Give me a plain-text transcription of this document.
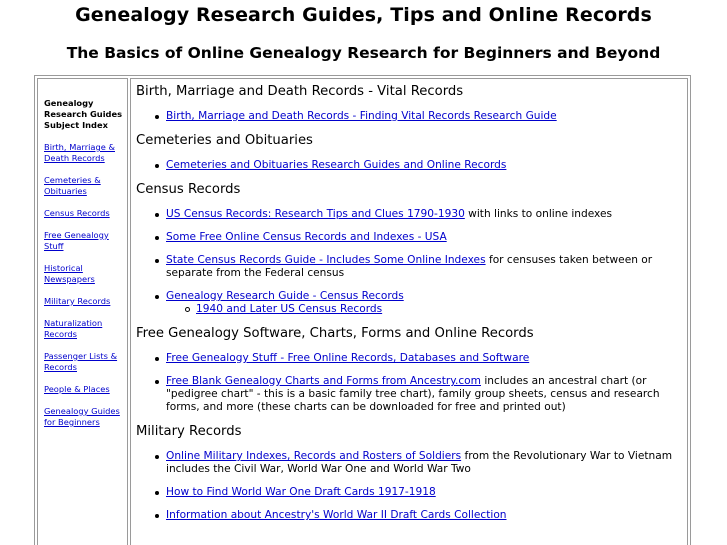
Genealogy Research Guides, Tips and Online Records
The Basics of Online Genealogy Research for Beginners and Beyond
Genealogy Research Guides Subject Index
Birth, Marriage & Death Records
Cemeteries & Obituaries
Census Records
Free Genealogy Stuff
Historical Newspapers
Military Records
Naturalization Records
Passenger Lists & Records
People & Places
Genealogy Guides for Beginners
Birth, Marriage and Death Records - Vital Records
Birth, Marriage and Death Records - Finding Vital Records Research Guide
Cemeteries and Obituaries
Cemeteries and Obituaries Research Guides and Online Records
Census Records
US Census Records: Research Tips and Clues 1790-1930 with links to online indexes
Some Free Online Census Records and Indexes - USA
State Census Records Guide - Includes Some Online Indexes for censuses taken between or separate from the Federal census
Genealogy Research Guide - Census Records
1940 and Later US Census Records
Free Genealogy Software, Charts, Forms and Online Records
Free Genealogy Stuff - Free Online Records, Databases and Software
Free Blank Genealogy Charts and Forms from Ancestry.com includes an ancestral chart (or "pedigree chart" - this is a basic family tree chart), family group sheets, census and research forms, and more (these charts can be downloaded for free and printed out)
Military Records
Online Military Indexes, Records and Rosters of Soldiers from the Revolutionary War to Vietnam includes the Civil War, World War One and World War Two
How to Find World War One Draft Cards 1917-1918
Information about Ancestry's World War II Draft Cards Collection
